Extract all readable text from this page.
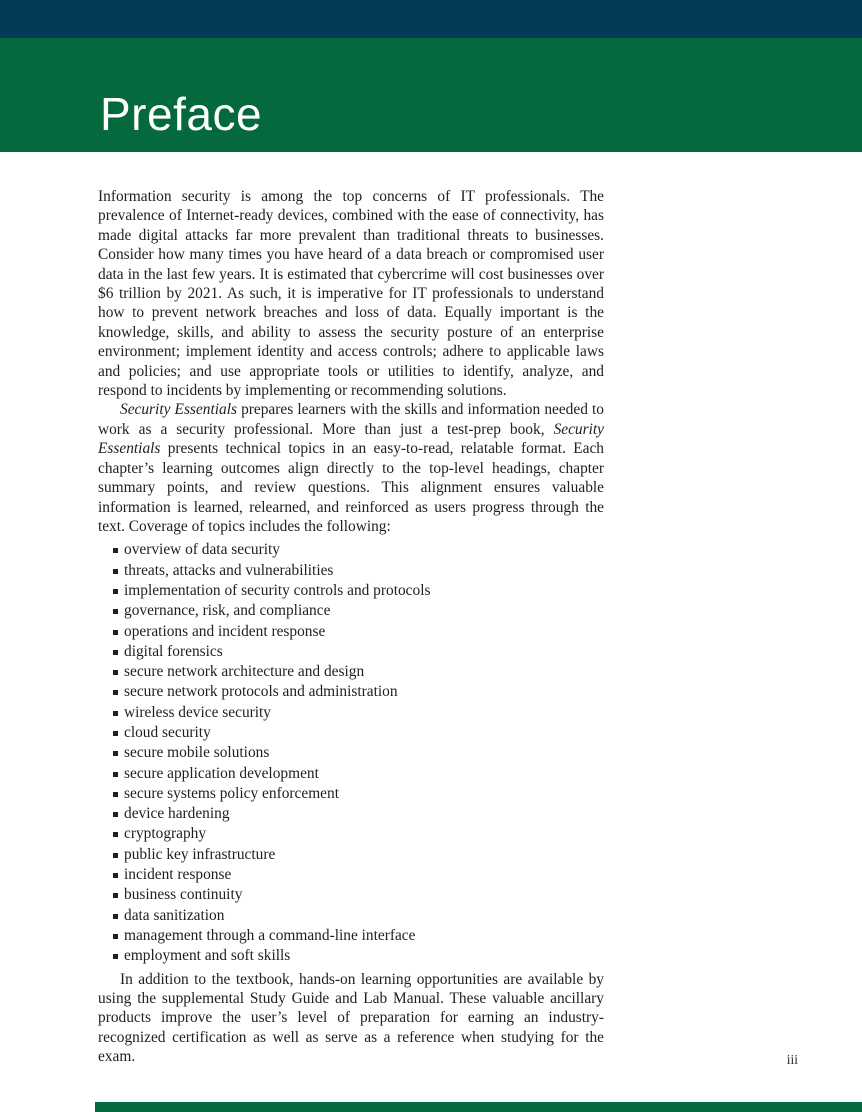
Preface

Information security is among the top concerns of IT professionals. The prevalence of Internet-ready devices, combined with the ease of connectivity, has made digital attacks far more prevalent than traditional threats to businesses. Consider how many times you have heard of a data breach or compromised user data in the last few years. It is estimated that cybercrime will cost businesses over $6 trillion by 2021. As such, it is imperative for IT professionals to understand how to prevent network breaches and loss of data. Equally important is the knowledge, skills, and ability to assess the security posture of an enterprise environment; implement identity and access controls; adhere to applicable laws and policies; and use appropriate tools or utilities to identify, analyze, and respond to incidents by implementing or recommending solutions.

Security Essentials prepares learners with the skills and information needed to work as a security professional. More than just a test-prep book, Security Essentials presents technical topics in an easy-to-read, relatable format. Each chapter’s learning outcomes align directly to the top-level headings, chapter summary points, and review questions. This alignment ensures valuable information is learned, relearned, and reinforced as users progress through the text. Coverage of topics includes the following:

overview of data security
threats, attacks and vulnerabilities
implementation of security controls and protocols
governance, risk, and compliance
operations and incident response
digital forensics
secure network architecture and design
secure network protocols and administration
wireless device security
cloud security
secure mobile solutions
secure application development
secure systems policy enforcement
device hardening
cryptography
public key infrastructure
incident response
business continuity
data sanitization
management through a command-line interface
employment and soft skills

In addition to the textbook, hands-on learning opportunities are available by using the supplemental Study Guide and Lab Manual. These valuable ancillary products improve the user’s level of preparation for earning an industry-recognized certification as well as serve as a reference when studying for the exam.	iii
